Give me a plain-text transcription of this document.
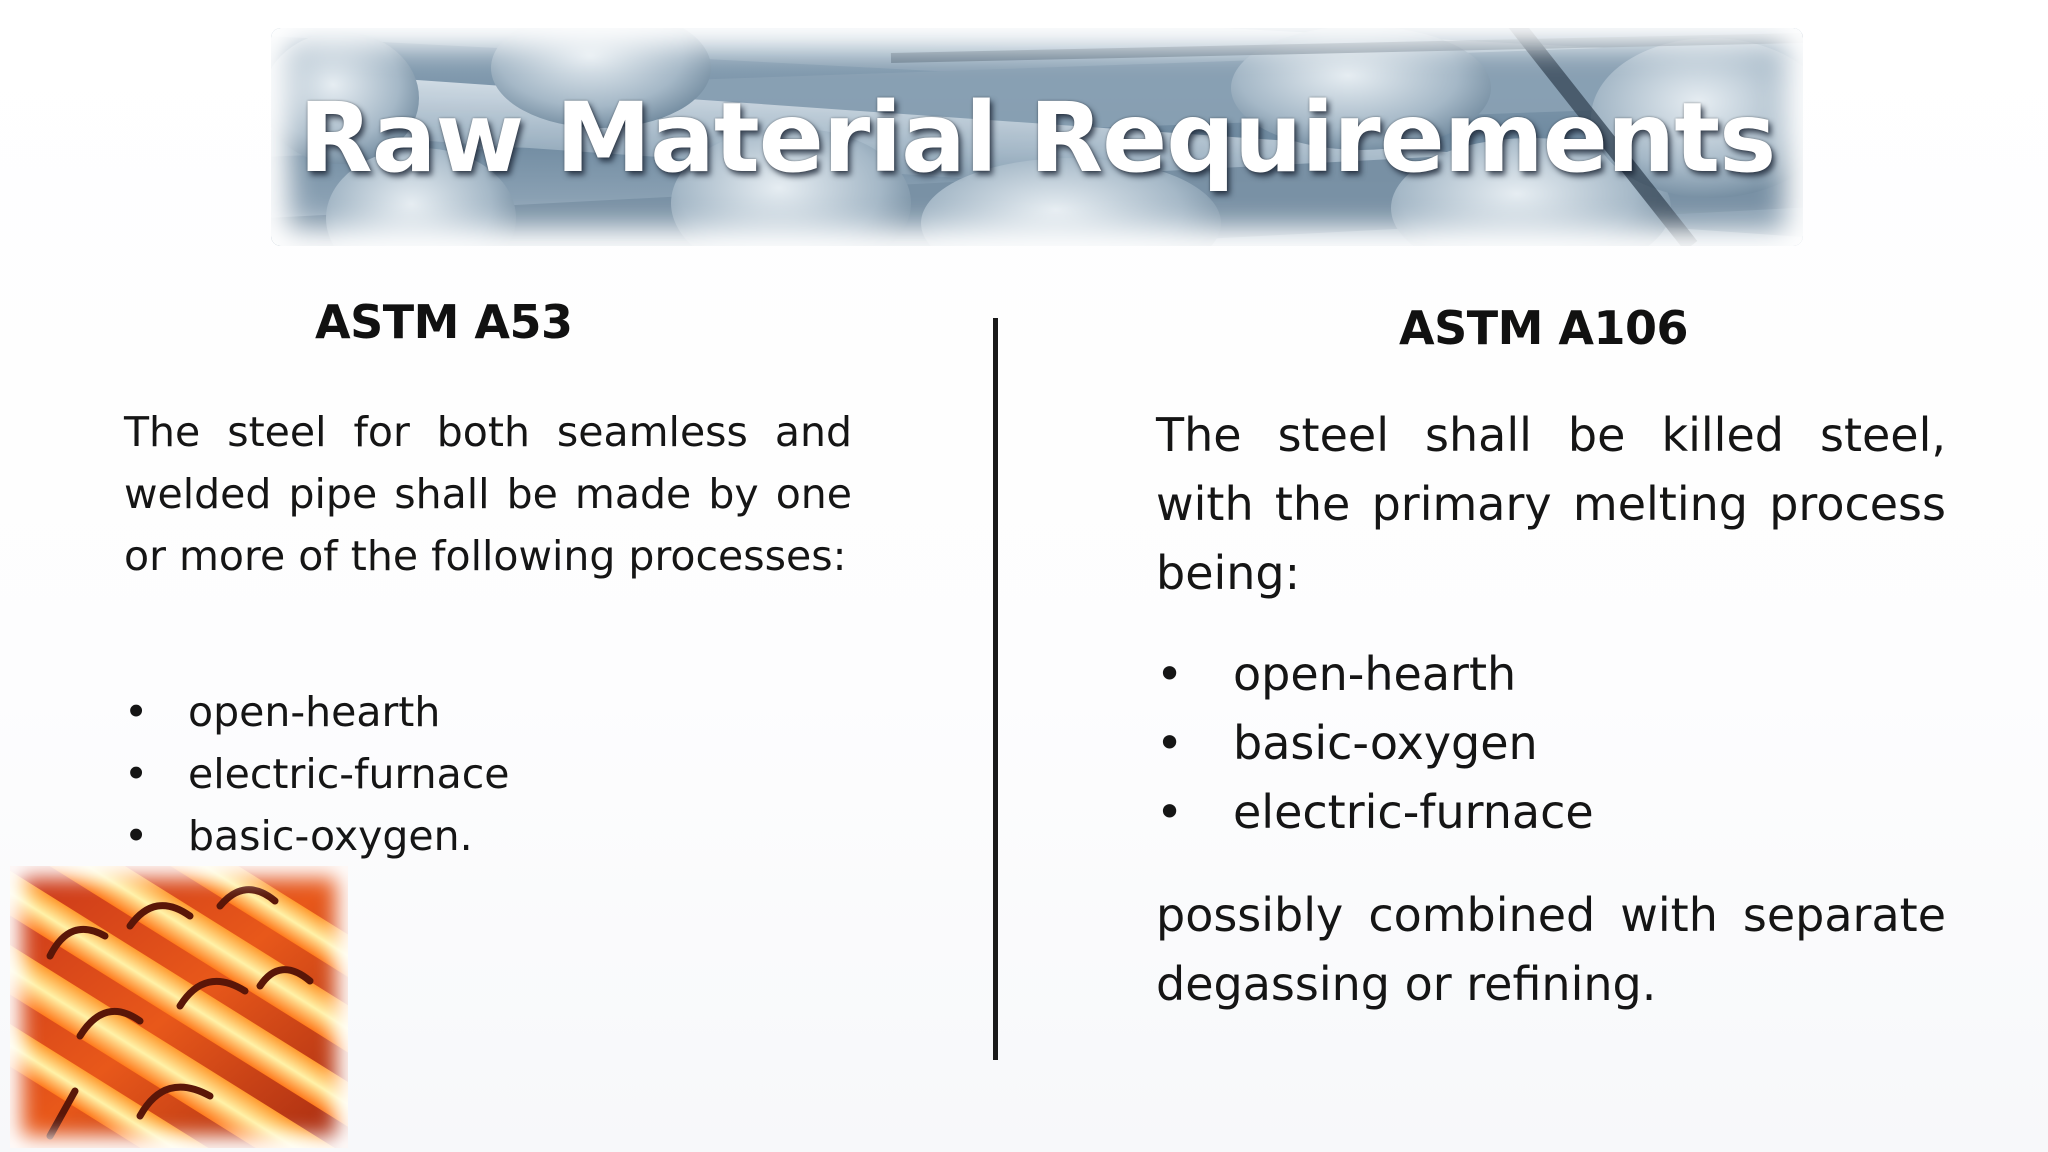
Raw Material Requirements
ASTM A53

The steel for both seamless and welded pipe shall be made by one or more of the following processes:

• open-hearth
• electric-furnace
• basic-oxygen.
ASTM A106

The steel shall be killed steel, with the primary melting process being:

• open-hearth
• basic-oxygen
• electric-furnace

possibly combined with separate degassing or refining.
